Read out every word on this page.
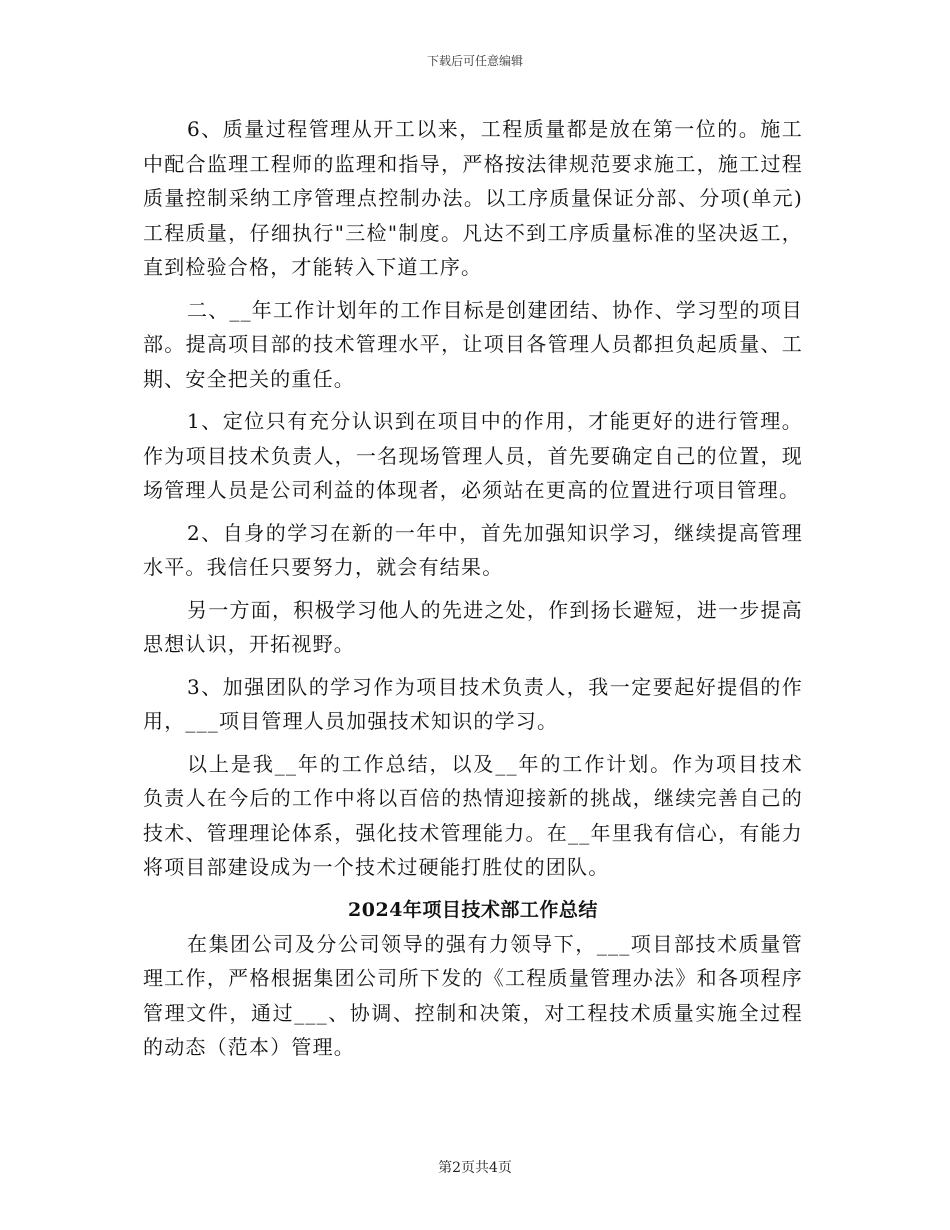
下载后可任意编辑

6、质量过程管理从开工以来，工程质量都是放在第一位的。施工中配合监理工程师的监理和指导，严格按法律规范要求施工，施工过程质量控制采纳工序管理点控制办法。以工序质量保证分部、分项(单元)工程质量，仔细执行"三检"制度。凡达不到工序质量标准的坚决返工，直到检验合格，才能转入下道工序。

二、__年工作计划年的工作目标是创建团结、协作、学习型的项目部。提高项目部的技术管理水平，让项目各管理人员都担负起质量、工期、安全把关的重任。

1、定位只有充分认识到在项目中的作用，才能更好的进行管理。作为项目技术负责人，一名现场管理人员，首先要确定自己的位置，现场管理人员是公司利益的体现者，必须站在更高的位置进行项目管理。

2、自身的学习在新的一年中，首先加强知识学习，继续提高管理水平。我信任只要努力，就会有结果。

另一方面，积极学习他人的先进之处，作到扬长避短，进一步提高思想认识，开拓视野。

3、加强团队的学习作为项目技术负责人，我一定要起好提倡的作用，___项目管理人员加强技术知识的学习。

以上是我__年的工作总结，以及__年的工作计划。作为项目技术负责人在今后的工作中将以百倍的热情迎接新的挑战，继续完善自己的技术、管理理论体系，强化技术管理能力。在__年里我有信心，有能力将项目部建设成为一个技术过硬能打胜仗的团队。

2024年项目技术部工作总结

在集团公司及分公司领导的强有力领导下，___项目部技术质量管理工作，严格根据集团公司所下发的《工程质量管理办法》和各项程序管理文件，通过___、协调、控制和决策，对工程技术质量实施全过程的动态（范本）管理。

第2页共4页
